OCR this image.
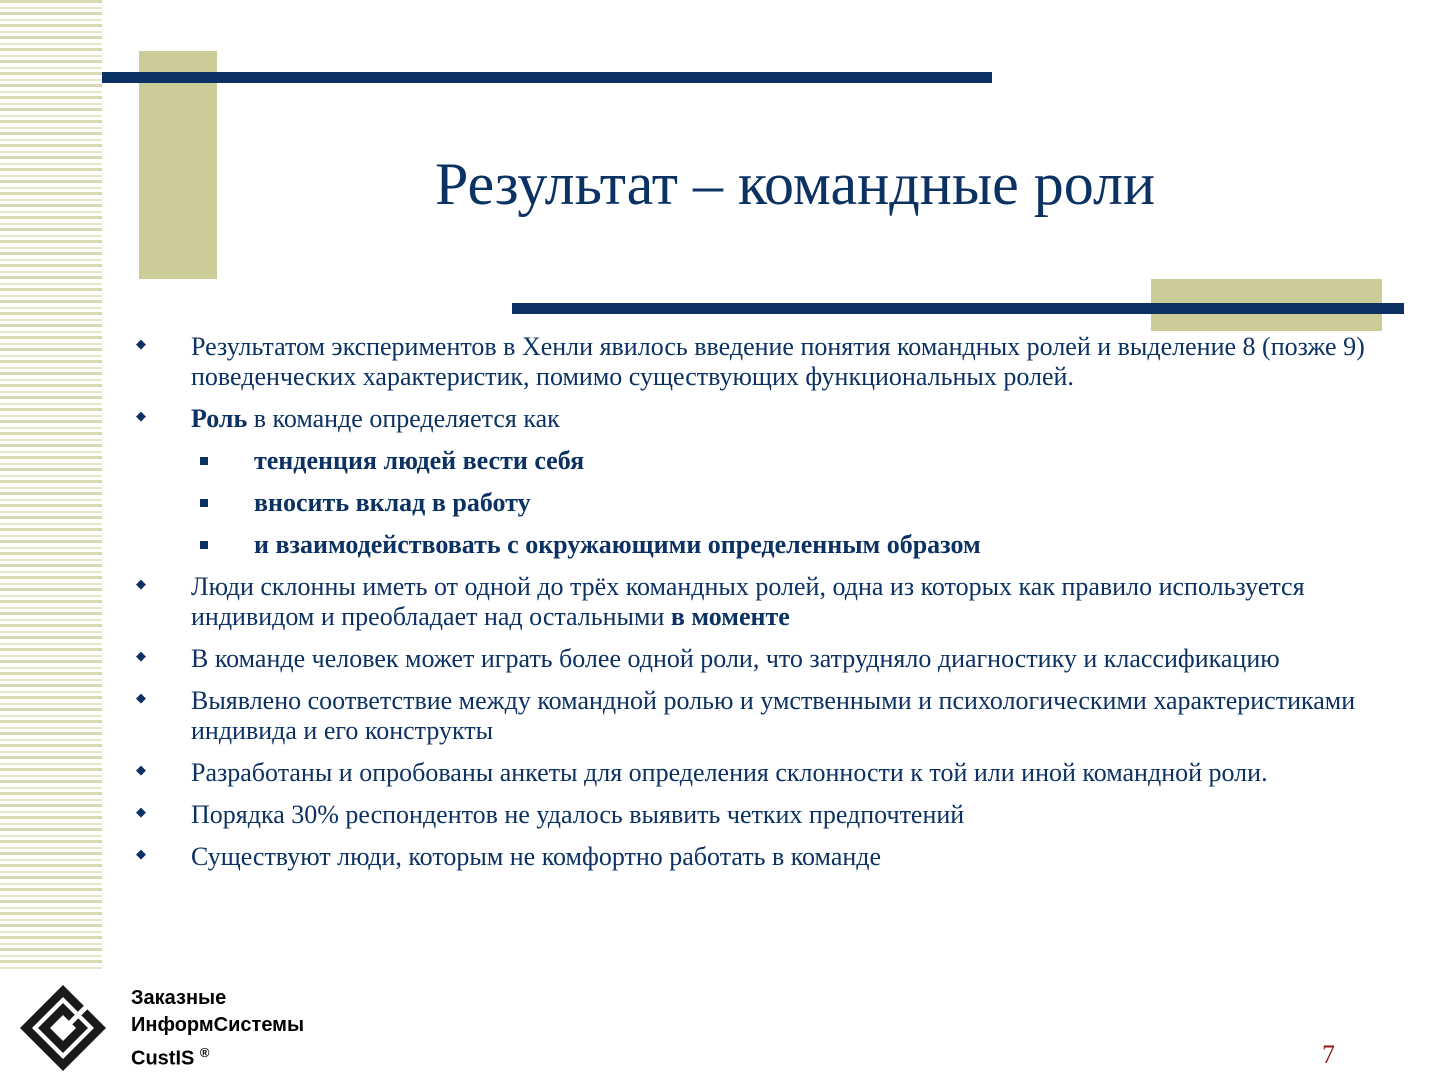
Результат – командные роли
◆ Результатом экспериментов в Хенли явилось введение понятия командных ролей и выделение 8 (позже 9) поведенческих характеристик, помимо существующих функциональных ролей.
◆ Роль в команде определяется как
тенденция людей вести себя
вносить вклад в работу
и взаимодействовать с окружающими определенным образом
◆ Люди склонны иметь от одной до трёх командных ролей, одна из которых как правило используется индивидом и преобладает над остальными в моменте
◆ В команде человек может играть более одной роли, что затрудняло диагностику и классификацию
◆ Выявлено соответствие между командной ролью и умственными и психологическими характеристиками индивида и его конструкты
◆ Разработаны и опробованы анкеты для определения склонности к той или иной командной роли.
◆ Порядка 30% респондентов не удалось выявить четких предпочтений
◆ Существуют люди, которым не комфортно работать в команде
Заказные
ИнформСистемы
CustIS ®	7
